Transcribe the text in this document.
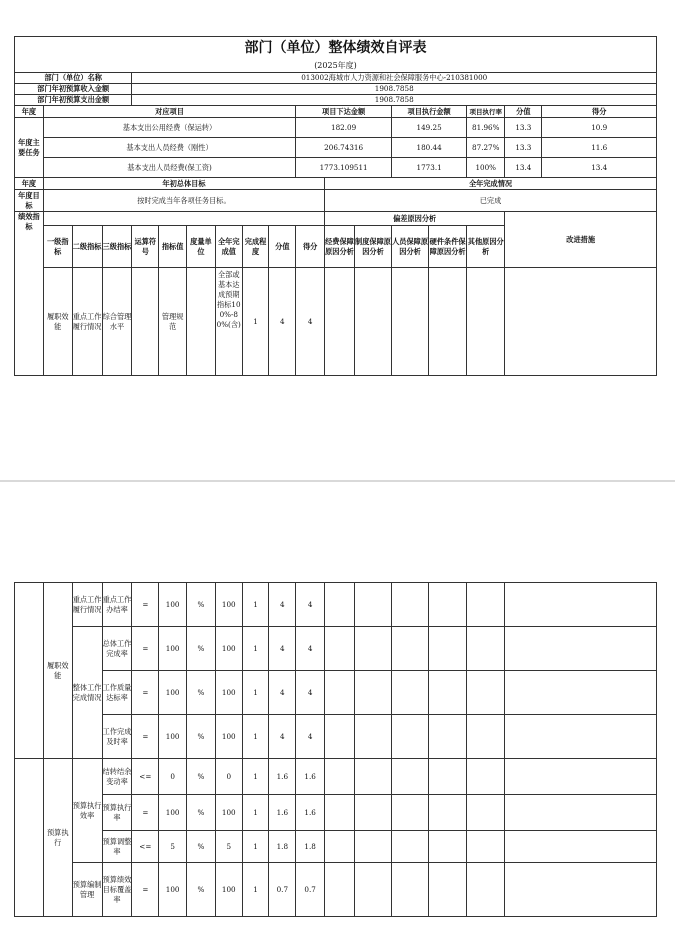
部门（单位）整体绩效自评表																	
(2025年度)																	
部门（单位）名称				013002海城市人力资源和社会保障服务中心-210381000													
部门年初预算收入金额				1908.7858													
部门年初预算支出金额				1908.7858													
年度	对应项目									项目下达金额			项目执行金额		项目执行率	分值	得分
年度主要任务	基本支出公用经费（保运转）									182.09			149.25		81.96%	13.3	10.9
	基本支出人员经费（刚性）									206.74316			180.44		87.27%	13.3	11.6
	基本支出人员经费(保工资)									1773.109511			1773.1		100%	13.4	13.4
年度	年初总体目标										全年完成情况						
年度目标	按时完成当年各项任务目标。										已完成						
绩效指标											偏差原因分析					改进措施	
	一级指标	二级指标	三级指标	运算符号	指标值	度量单位	全年完成值	完成程度	分值	得分	经费保障原因分析	制度保障原因分析	人员保障原因分析	硬件条件保障原因分析	其他原因分析		
	履职效能	重点工作履行情况	综合管理水平		管理规范		全部或基本达成预期指标100%-80%(含)	1	4	4							
	履职效能	重点工作履行情况	重点工作办结率	=	100	%	100	1	4	4						
		整体工作完成情况	总体工作完成率	=	100	%	100	1	4	4						
			工作质量达标率	=	100	%	100	1	4	4						
			工作完成及时率	=	100	%	100	1	4	4						
	预算执行	预算执行效率	结转结余变动率	<=	0	%	0	1	1.6	1.6						
			预算执行率	=	100	%	100	1	1.6	1.6						
			预算调整率	<=	5	%	5	1	1.8	1.8						
		预算编制管理	预算绩效目标覆盖率	=	100	%	100	1	0.7	0.7						
